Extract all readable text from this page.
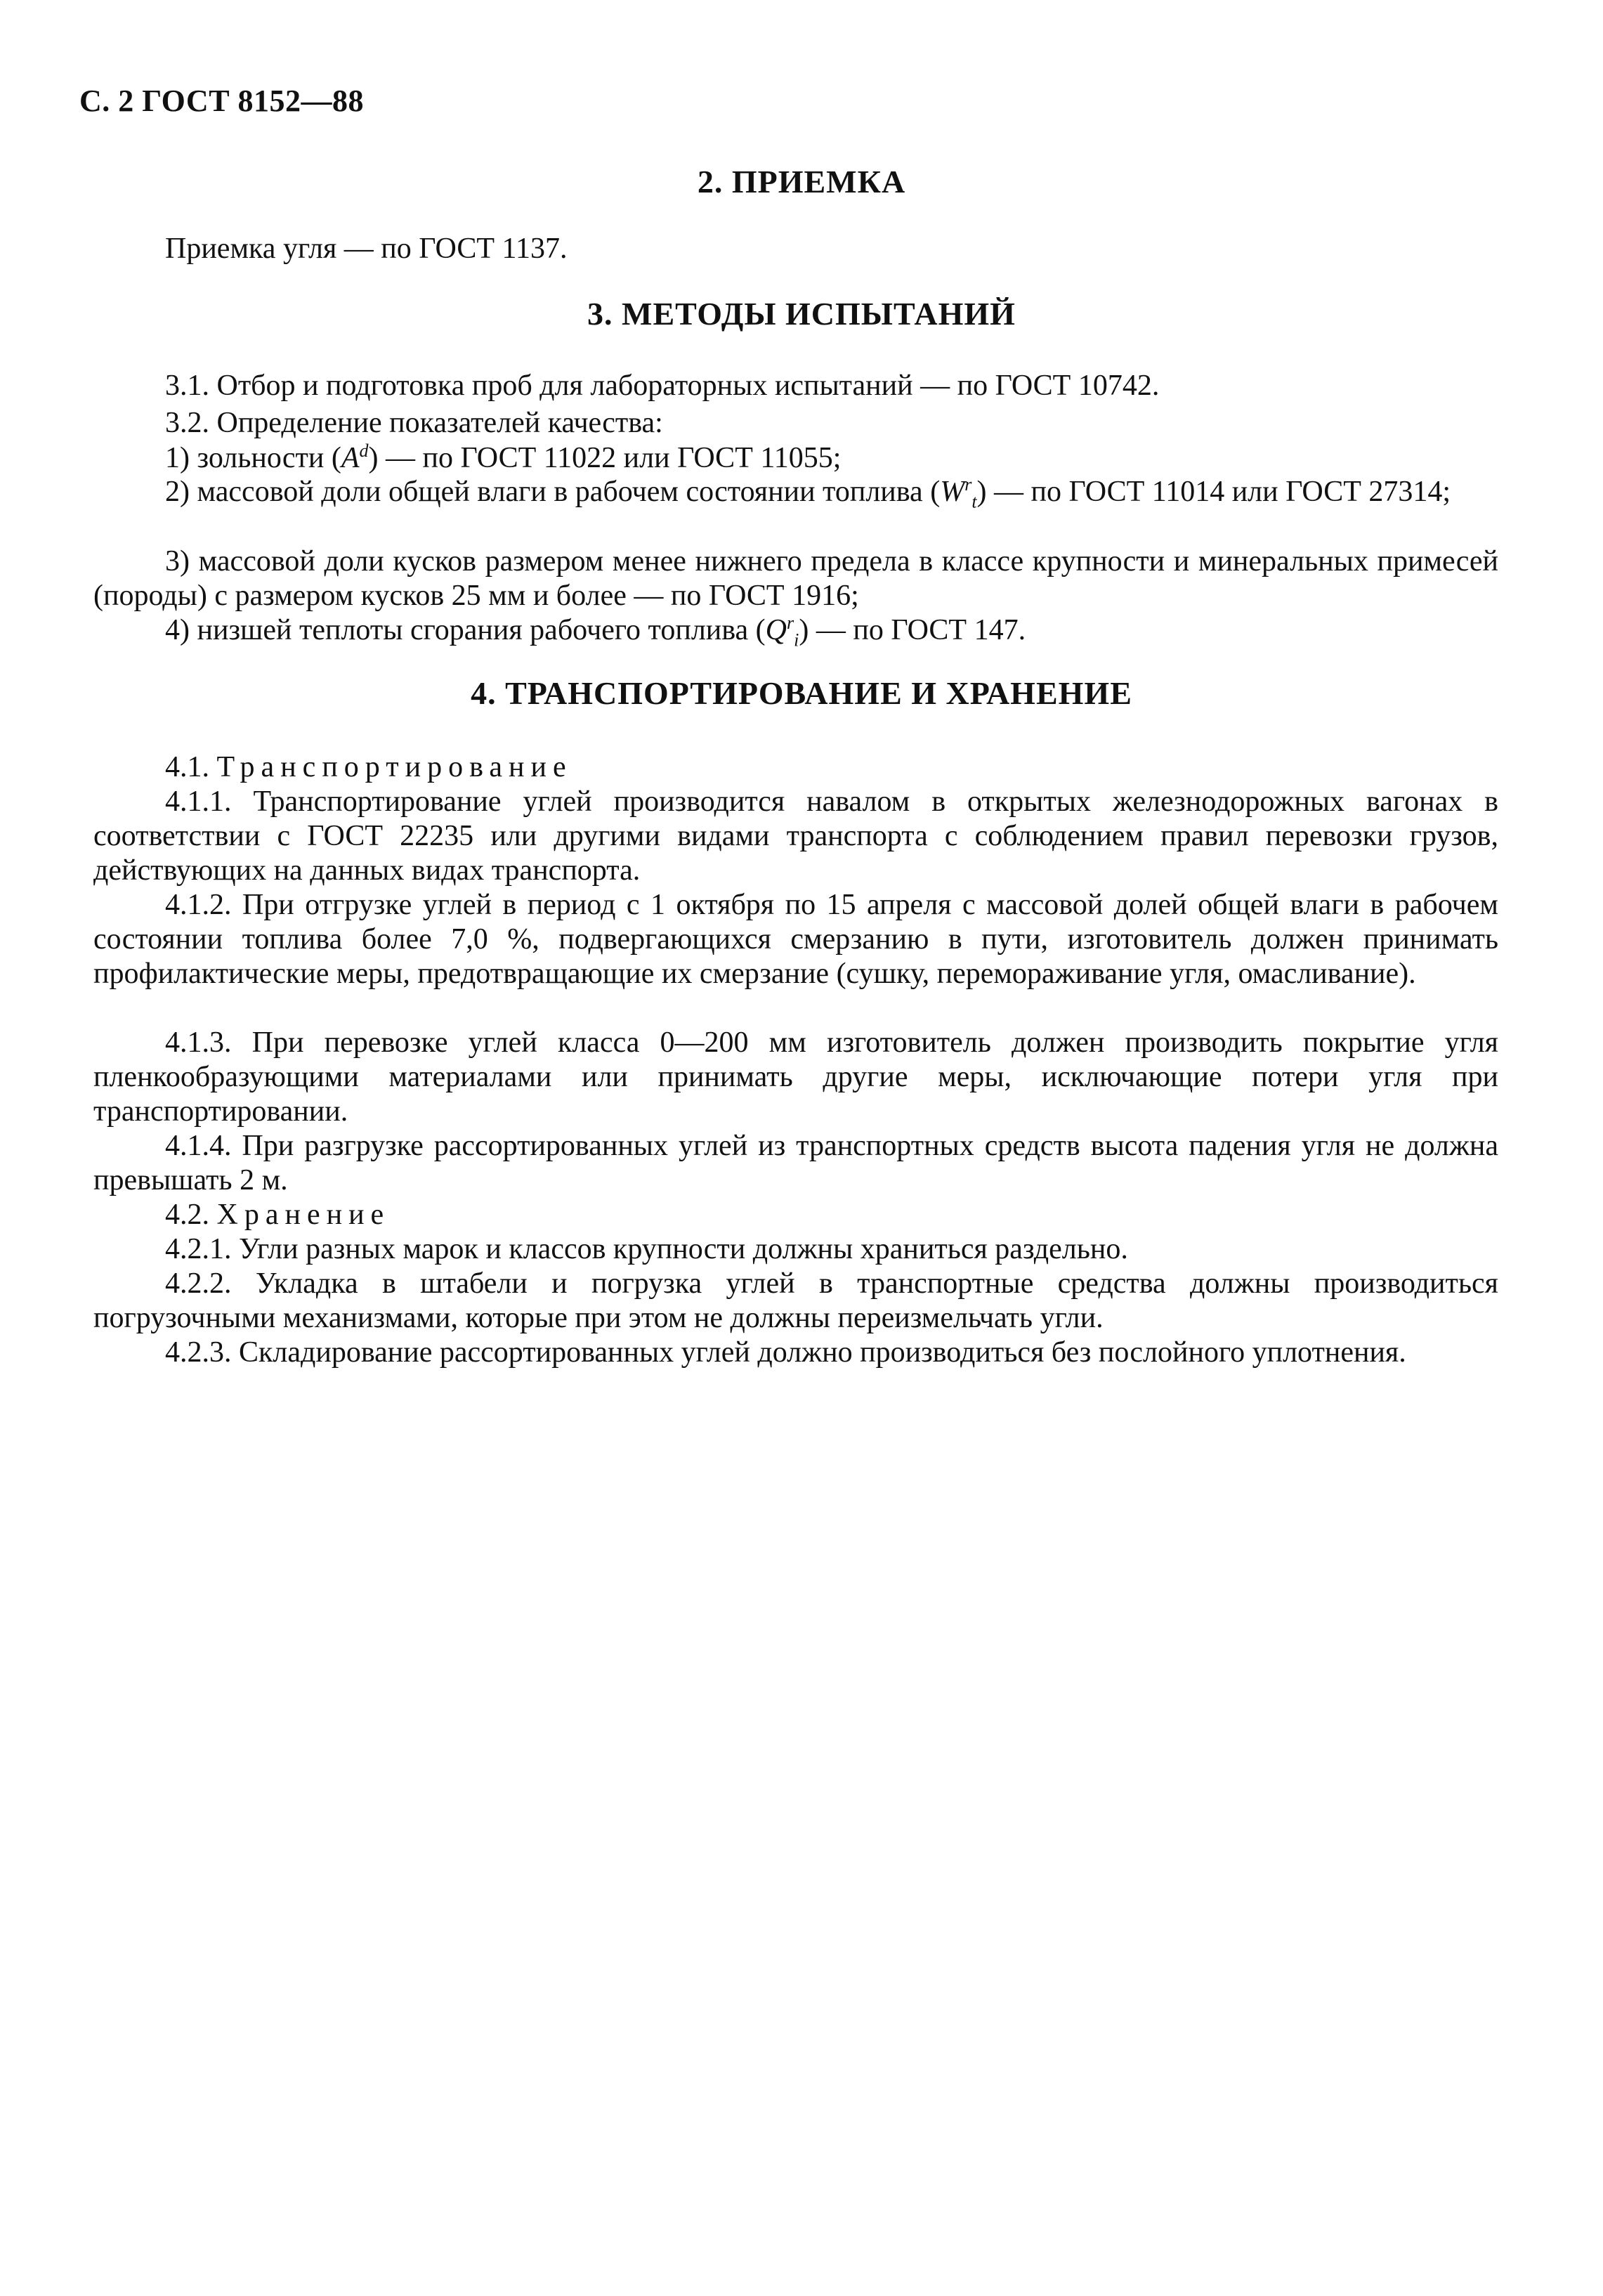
С. 2 ГОСТ 8152—88
2. ПРИЕМКА
Приемка угля — по ГОСТ 1137.
3. МЕТОДЫ ИСПЫТАНИЙ
3.1. Отбор и подготовка проб для лабораторных испытаний — по ГОСТ 10742.
3.2. Определение показателей качества:
1) зольности $(A^d)$ — по ГОСТ 11022 или ГОСТ 11055;
2) массовой доли общей влаги в рабочем состоянии топлива $(W^r_t)$ — по ГОСТ 11014 или ГОСТ 27314;
3) массовой доли кусков размером менее нижнего предела в классе крупности и минеральных примесей (породы) с размером кусков 25 мм и более — по ГОСТ 1916;
4) низшей теплоты сгорания рабочего топлива $(Q^r_i)$ — по ГОСТ 147.
4. ТРАНСПОРТИРОВАНИЕ И ХРАНЕНИЕ
4.1. Транспортирование
4.1.1. Транспортирование углей производится навалом в открытых железнодорожных вагонах в соответствии с ГОСТ 22235 или другими видами транспорта с соблюдением правил перевозки грузов, действующих на данных видах транспорта.
4.1.2. При отгрузке углей в период с 1 октября по 15 апреля с массовой долей общей влаги в рабочем состоянии топлива более 7,0 %, подвергающихся смерзанию в пути, изготовитель должен принимать профилактические меры, предотвращающие их смерзание (сушку, перемораживание угля, омасливание).
4.1.3. При перевозке углей класса 0—200 мм изготовитель должен производить покрытие угля пленкообразующими материалами или принимать другие меры, исключающие потери угля при транспортировании.
4.1.4. При разгрузке рассортированных углей из транспортных средств высота падения угля не должна превышать 2 м.
4.2. Хранение
4.2.1. Угли разных марок и классов крупности должны храниться раздельно.
4.2.2. Укладка в штабели и погрузка углей в транспортные средства должны производиться погрузочными механизмами, которые при этом не должны переизмельчать угли.
4.2.3. Складирование рассортированных углей должно производиться без послойного уплотнения.
